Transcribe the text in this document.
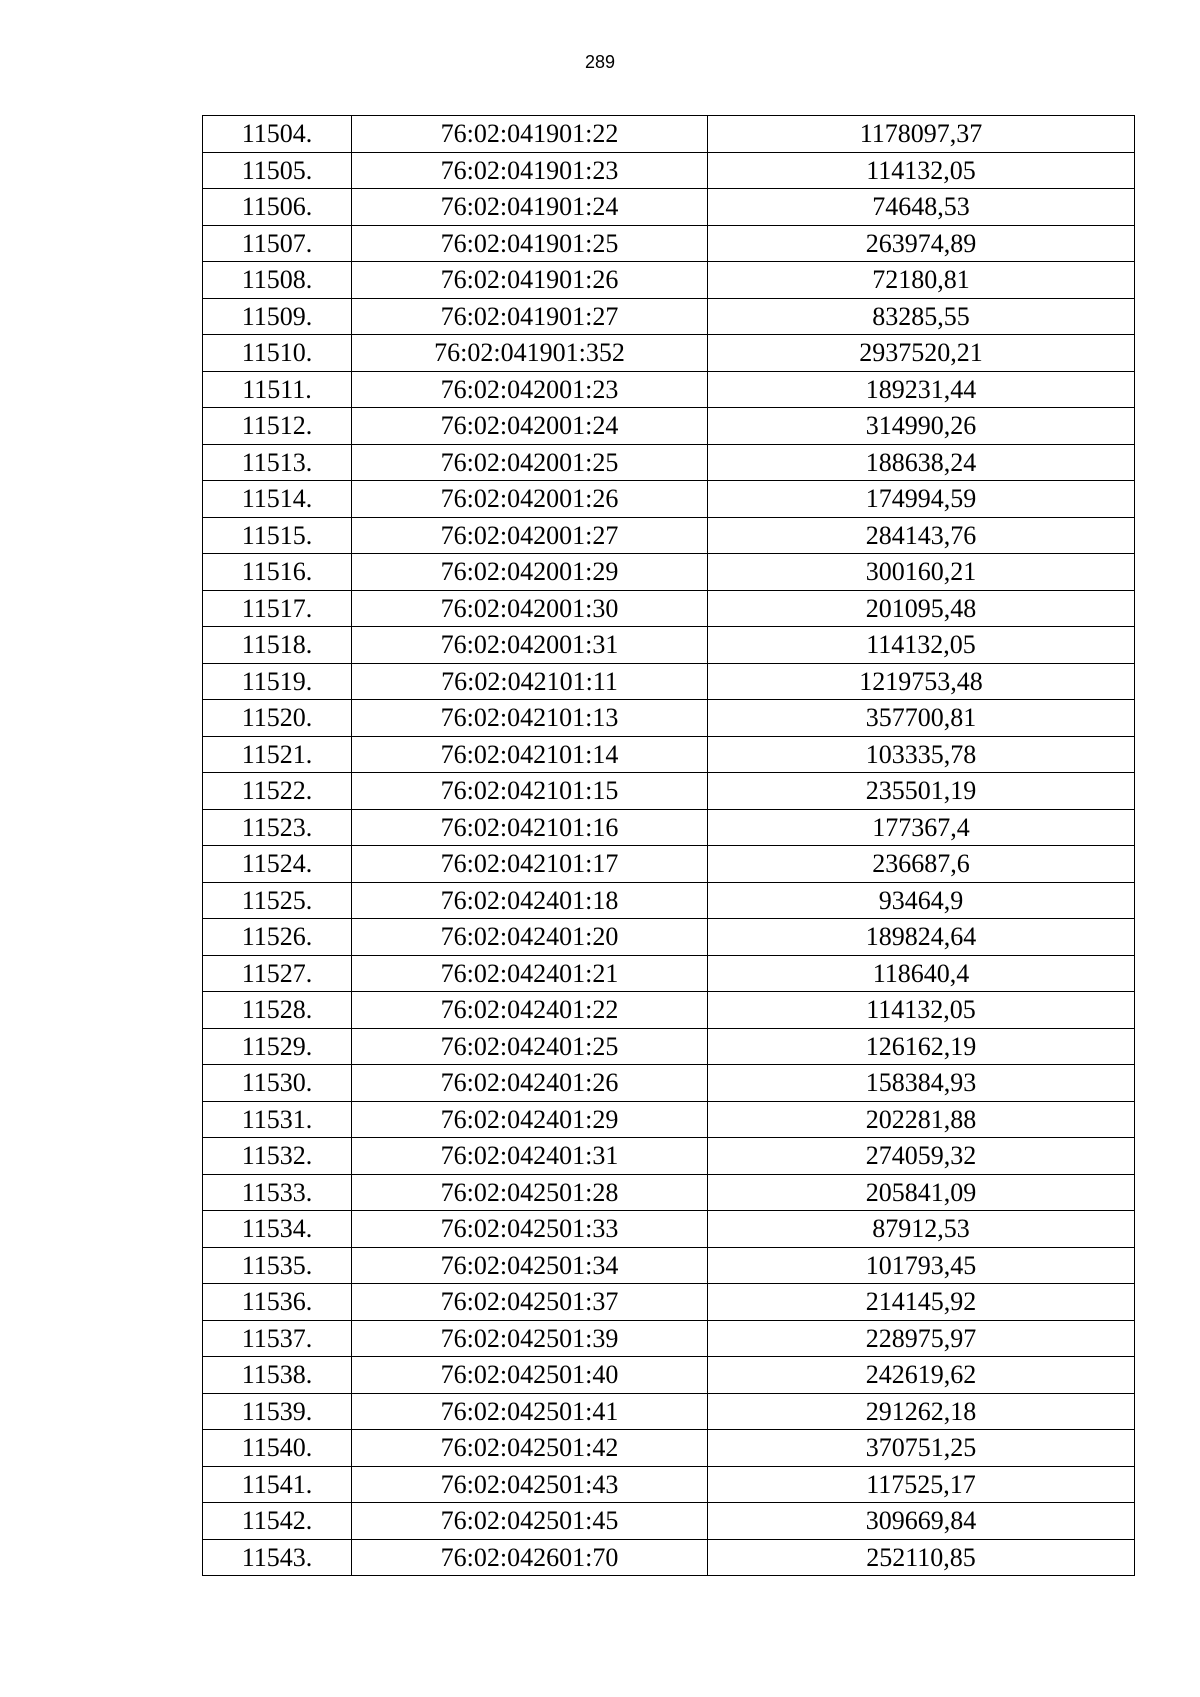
289
11504.	76:02:041901:22	1178097,37
11505.	76:02:041901:23	114132,05
11506.	76:02:041901:24	74648,53
11507.	76:02:041901:25	263974,89
11508.	76:02:041901:26	72180,81
11509.	76:02:041901:27	83285,55
11510.	76:02:041901:352	2937520,21
11511.	76:02:042001:23	189231,44
11512.	76:02:042001:24	314990,26
11513.	76:02:042001:25	188638,24
11514.	76:02:042001:26	174994,59
11515.	76:02:042001:27	284143,76
11516.	76:02:042001:29	300160,21
11517.	76:02:042001:30	201095,48
11518.	76:02:042001:31	114132,05
11519.	76:02:042101:11	1219753,48
11520.	76:02:042101:13	357700,81
11521.	76:02:042101:14	103335,78
11522.	76:02:042101:15	235501,19
11523.	76:02:042101:16	177367,4
11524.	76:02:042101:17	236687,6
11525.	76:02:042401:18	93464,9
11526.	76:02:042401:20	189824,64
11527.	76:02:042401:21	118640,4
11528.	76:02:042401:22	114132,05
11529.	76:02:042401:25	126162,19
11530.	76:02:042401:26	158384,93
11531.	76:02:042401:29	202281,88
11532.	76:02:042401:31	274059,32
11533.	76:02:042501:28	205841,09
11534.	76:02:042501:33	87912,53
11535.	76:02:042501:34	101793,45
11536.	76:02:042501:37	214145,92
11537.	76:02:042501:39	228975,97
11538.	76:02:042501:40	242619,62
11539.	76:02:042501:41	291262,18
11540.	76:02:042501:42	370751,25
11541.	76:02:042501:43	117525,17
11542.	76:02:042501:45	309669,84
11543.	76:02:042601:70	252110,85
